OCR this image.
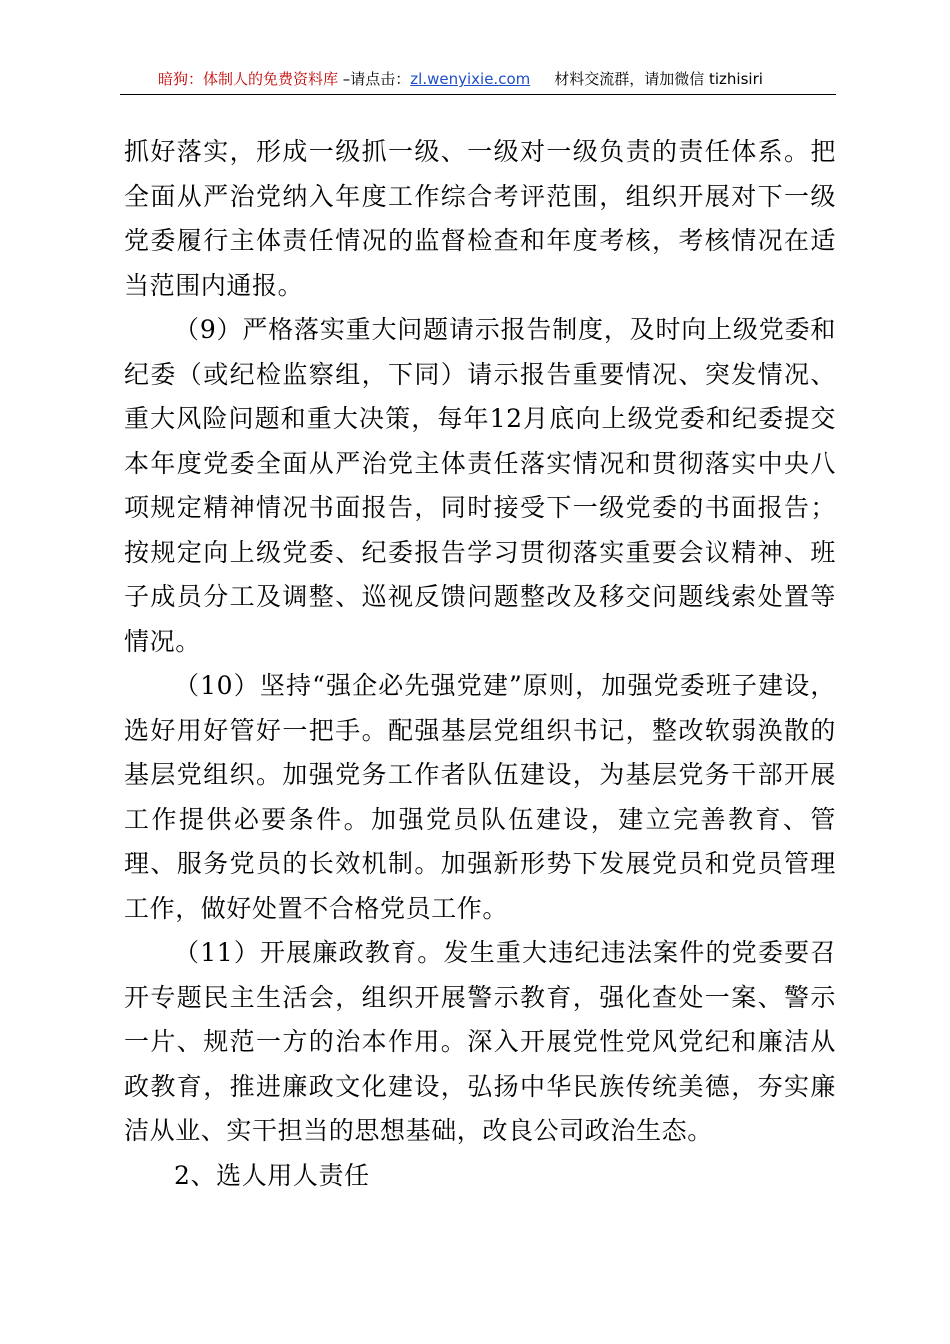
暗狗：体制人的免费资料库 –请点击：zl.wenyixie.com 材料交流群，请加微信 tizhisiri

抓好落实，形成一级抓一级、一级对一级负责的责任体系。把全面从严治党纳入年度工作综合考评范围，组织开展对下一级党委履行主体责任情况的监督检查和年度考核，考核情况在适当范围内通报。

（9）严格落实重大问题请示报告制度，及时向上级党委和纪委（或纪检监察组，下同）请示报告重要情况、突发情况、重大风险问题和重大决策，每年12月底向上级党委和纪委提交本年度党委全面从严治党主体责任落实情况和贯彻落实中央八项规定精神情况书面报告，同时接受下一级党委的书面报告；按规定向上级党委、纪委报告学习贯彻落实重要会议精神、班子成员分工及调整、巡视反馈问题整改及移交问题线索处置等情况。

（10）坚持“强企必先强党建”原则，加强党委班子建设，选好用好管好一把手。配强基层党组织书记，整改软弱涣散的基层党组织。加强党务工作者队伍建设，为基层党务干部开展工作提供必要条件。加强党员队伍建设，建立完善教育、管理、服务党员的长效机制。加强新形势下发展党员和党员管理工作，做好处置不合格党员工作。

（11）开展廉政教育。发生重大违纪违法案件的党委要召开专题民主生活会，组织开展警示教育，强化查处一案、警示一片、规范一方的治本作用。深入开展党性党风党纪和廉洁从政教育，推进廉政文化建设，弘扬中华民族传统美德，夯实廉洁从业、实干担当的思想基础，改良公司政治生态。

2、选人用人责任
